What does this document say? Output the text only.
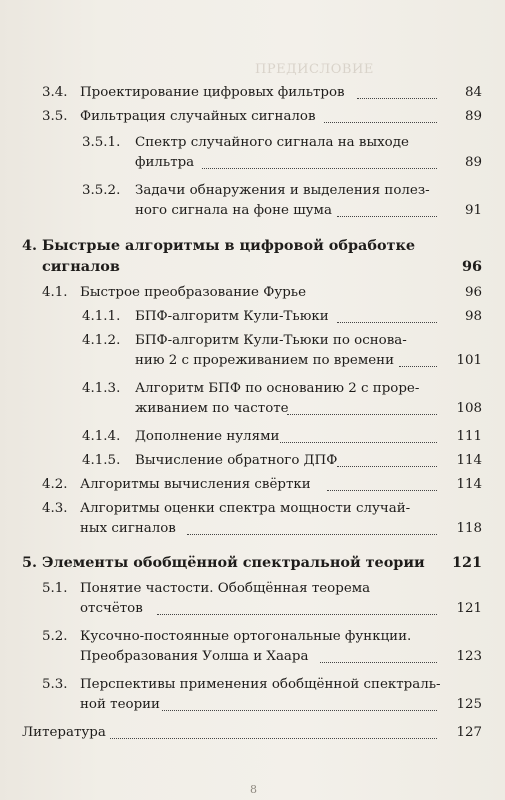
ПРЕДИСЛОВИЕ
3.4. Проектирование цифровых фильтров	84
3.5. Фильтрация случайных сигналов	89
3.5.1. Спектр случайного сигнала на выходе
фильтра	89
3.5.2. Задачи обнаружения и выделения полез-
ного сигнала на фоне шума	91
4. Быстрые алгоритмы в цифровой обработке
сигналов	96
4.1. Быстрое преобразование Фурье	96
4.1.1. БПФ-алгоритм Кули-Тьюки	98
4.1.2. БПФ-алгоритм Кули-Тьюки по основа-
нию 2 с прореживанием по времени	101
4.1.3. Алгоритм БПФ по основанию 2 с проре-
живанием по частоте	108
4.1.4. Дополнение нулями	111
4.1.5. Вычисление обратного ДПФ	114
4.2. Алгоритмы вычисления свёртки	114
4.3. Алгоритмы оценки спектра мощности случай-
ных сигналов	118
5. Элементы обобщённой спектральной теории	121
5.1. Понятие частости. Обобщённая теорема
отсчётов	121
5.2. Кусочно-постоянные ортогональные функции.
Преобразования Уолша и Хаара	123
5.3. Перспективы применения обобщённой спектраль-
ной теории	125
Литература	127
8
